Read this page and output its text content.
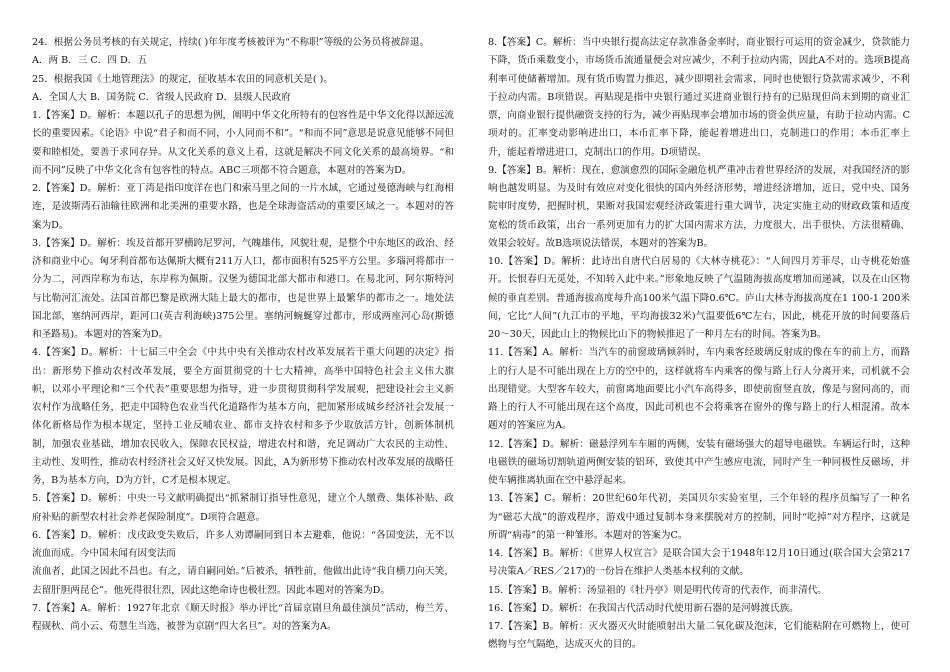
24．根据公务员考核的有关规定，持续( )年年度考核被评为“不称职”等级的公务员将被辞退。

A．两 B．三 C．四 D．五

25．根据我国《土地管理法》的规定，征收基本农田的同意机关是( )。

A．全国人大 B．国务院 C．省级人民政府 D．县级人民政府

1.【答案】D。解析：本题以孔子的思想为例，阐明中华文化所特有的包容性是中华文化得以源远流长的重要因素。《论语》中说“君子和而不同，小人同而不和”。“和而不同”意思是说意见能够不同但要和睦相处，要善于求同存异。从文化关系的意义上看，这就是解决不同文化关系的最高境界。“和而不同”反映了中华文化含有包容性的特点。ABC三项都不符合题意，本题对的答案为D。

2.【答案】D。解析：亚丁湾是指印度洋在也门和索马里之间的一片水域，它通过曼德海峡与红海相连，是波斯湾石油输往欧洲和北美洲的重要水路，也是全球海盗活动的重要区域之一。本题对的答案为D。

3.【答案】D。解析：埃及首都开罗横跨尼罗河，气魄雄伟，风貌壮观，是整个中东地区的政治、经济和商业中心。匈牙利首都布达佩斯大概有211万人口，都市面积有525平方公里。多瑙河将都市一分为二，河西岸称为布达，东岸称为佩斯。汉堡为德国北部大都市和港口。在易北河、阿尔斯特河与比勒河汇流处。法国首都巴黎是欧洲大陆上最大的都市，也是世界上最繁华的都市之一。地处法国北部，塞纳河西岸，距河口(英吉利海峡)375公里。塞纳河蜿蜒穿过都市，形成两座河心岛(斯德和圣路易)。本题对的答案为D。

4.【答案】D。解析：十七届三中全会《中共中央有关推动农村改革发展若干重大问题的决定》指出：新形势下推动农村改革发展，要全方面贯彻党的十七大精神，高举中国特色社会主义伟大旗帜，以邓小平理论和“三个代表”重要思想为指导，进一步贯彻贯彻科学发展观，把建设社会主义新农村作为战略任务，把走中国特色农业当代化道路作为基本方向，把加紧形成城乡经济社会发展一体化新格局作为根本规定，坚持工业反哺农业、都市支持农村和多予少取放活方针，创新体制机制，加强农业基础，增加农民收入，保障农民权益，增进农村和谐，充足调动广大农民的主动性、主动性、发明性，推动农村经济社会又好又快发展。因此，A为新形势下推动农村改革发展的战略任务，B为基本方向，D为方针，C才是根本规定。

5.【答案】D。解析：中央一号文献明确提出“抓紧制订指导性意见，建立个人缴费、集体补贴、政府补贴的新型农村社会养老保险制度”。D项符合题意。

6.【答案】D。解析：戊戌政变失败后，许多人劝谭嗣同到日本去避难，他说：“各国变法，无不以流血而成。今中国未闻有因变法而

流血者，此国之因此不昌也。有之，请自嗣同始。”后被杀，牺牲前，他做出此诗“我自横刀向天笑，去留肝胆两昆仑”。他死得很壮烈，因此这绝命诗也极壮烈。因此本题对的答案为D。

7.【答案】A。解析：1927年北京《顺天时报》举办评比“首届京剧旦角最佳演员”活动，梅兰芳、程砚秋、尚小云、荀慧生当选，被誉为京剧“四大名旦”。对的答案为A。

8.【答案】C。解析：当中央银行提高法定存款准备金率时，商业银行可运用的资金减少，贷款能力下降，货币乘数变小，市场货币流通量便会对应减少，不利于拉动内需，因此A不对的。选项B提高利率可使储蓄增加。现有货币购置力推迟，减少即期社会需求，同时也使银行贷款需求减少，不利于拉动内需。B项错误。再贴现是指中央银行通过买进商业银行持有的已贴现但尚未到期的商业汇票，向商业银行提供融资支持的行为，减少再贴现率会增加市场的资金供应量，有助于拉动内需。C项对的。汇率变动影响进出口，本币汇率下降，能起着增进出口，克制进口的作用；本币汇率上升，能起着增进进口，克制出口的作用。D项错误。

9.【答案】B。解析：现在，愈演愈烈的国际金融危机严重冲击着世界经济的发展，对我国经济的影响也越发明显。为及时有效应对变化很快的国内外经济形势，增进经济增加，近日，党中央、国务院审时度势，把握时机，果断对我国宏观经济政策进行重大调节，决定实施主动的财政政策和适度宽松的货币政策，出台一系列更加有力的扩大国内需求方法，力度很大、出手很快、方法很精确、效果会较好。故B选项说法错误，本题对的答案为B。

10.【答案】D。解析：此诗出自唐代白居易的《大林寺桃花》：“人间四月芳菲尽，山寺桃花始盛开。长恨春归无觅处，不知转入此中来。”形象地反映了气温随海拔高度增加而递减，以及在山区物候的垂直差别。普通海拔高度每升高100米气温下降0.6℃。庐山大林寺海拔高度在1 100-1 200米间，它比“人间”(九江市的平地，平均海拔32米)气温要低6℃左右，因此，桃花开放的时间要落后20～30天，因此山上的物候比山下的物候推迟了一种月左右的时间。答案为B。

11.【答案】A。解析：当汽车的前窗玻璃倾斜时，车内乘客经玻璃反射成的像在车的前上方，而路上的行人是不可能出现在上方的空中的，这样就将车内乘客的像与路上行人分离开来，司机就不会出现错觉。大型客车较大，前窗离地面要比小汽车高得多，即使前窗竖直放，像是与窗同高的，而路上的行人不可能出现在这个高度，因此司机也不会将乘客在窗外的像与路上的行人相混淆。故本题对的答案应为A。

12.【答案】D。解析：磁悬浮列车车厢的两侧，安装有磁场强大的超导电磁铁。车辆运行时，这种电磁铁的磁场切割轨道两侧安装的铝环，致使其中产生感应电流，同时产生一种同极性反磁场，并使车辆推离轨面在空中悬浮起来。

13.【答案】C。解析：20世纪60年代初，美国贝尔实验室里，三个年轻的程序员编写了一种名为“磁芯大战”的游戏程序，游戏中通过复制本身来摆脱对方的控制，同时“吃掉”对方程序，这就是所谓“病毒”的第一种雏形。本题对的答案为C。

14.【答案】B。解析：《世界人权宣言》是联合国大会于1948年12月10日通过(联合国大会第217号决策A／RES／217)的一份旨在维护人类基本权利的文献。

15.【答案】B。解析：汤显祖的《牡丹亭》则是明代传奇的代表作，而非清代。

16.【答案】D。解析：在我国古代活动时代使用新石器的是河姆渡氏族。

17.【答案】B。解析：灭火器灭火时能喷射出大量二氧化碳及泡沫，它们能粘附在可燃物上，使可燃物与空气隔绝，达成灭火的目的。
